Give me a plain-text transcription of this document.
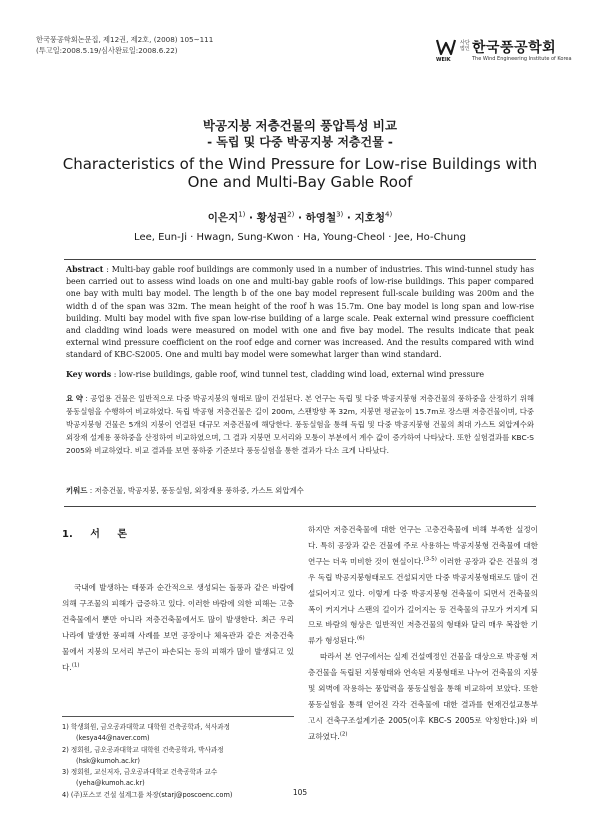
한국풍공학회논문집, 제12권, 제2호, (2008) 105~111
(투고일:2008.5.19/심사완료일:2008.6.22)
WEIK
사단법인 한국풍공학회
The Wind Engineering Institute of Korea
박공지붕 저층건물의 풍압특성 비교
- 독립 및 다중 박공지붕 저층건물 -
Characteristics of the Wind Pressure for Low-rise Buildings with
One and Multi-Bay Gable Roof
이은지$^{1)}$ · 황성권$^{2)}$ · 하영철$^{3)}$ · 지호청$^{4)}$
Lee, Eun-Ji · Hwagn, Sung-Kwon · Ha, Young-Cheol · Jee, Ho-Chung
Abstract : Multi-bay gable roof buildings are commonly used in a number of industries. This wind-tunnel study has been carried out to assess wind loads on one and multi-bay gable roofs of low-rise buildings. This paper compared one bay with multi bay model. The length b of the one bay model represent full-scale building was 200m and the width d of the span was 32m. The mean height of the roof h was 15.7m. One bay model is long span and low-rise building. Multi bay model with five span low-rise building of a large scale. Peak external wind pressure coefficient and cladding wind loads were measured on model with one and five bay model. The results indicate that peak external wind pressure coefficient on the roof edge and corner was increased. And the results compared with wind standard of KBC-S2005. One and multi bay model were somewhat larger than wind standard.
Key words : low-rise buildings, gable roof, wind tunnel test, cladding wind load, external wind pressure
요 약 : 공업용 건물은 일반적으로 다중 박공지붕의 형태로 많이 건설된다. 본 연구는 독립 및 다중 박공지붕형 저층건물의 풍하중을 산정하기 위해 풍동실험을 수행하여 비교하였다. 독립 박공형 저층건물은 길이 200m, 스팬방향 폭 32m, 지붕면 평균높이 15.7m로 장스팬 저층건물이며, 다중 박공지붕형 건물은 5개의 지붕이 연결된 대규모 저층건물에 해당한다. 풍동실험을 통해 독립 및 다중 박공지붕형 건물의 최대 가스트 외압계수와 외장재 설계용 풍하중을 산정하여 비교하였으며, 그 결과 지붕면 모서리와 모퉁이 부분에서 계수 값이 증가하여 나타났다. 또한 실험결과를 KBC-S 2005와 비교하였다. 비교 결과를 보면 풍하중 기준보다 풍동실험을 통한 결과가 다소 크게 나타났다.
키워드 : 저층건물, 박공지붕, 풍동실험, 외장재용 풍하중, 가스트 외압계수
1. 서 론
국내에 발생하는 태풍과 순간적으로 생성되는 돌풍과 같은 바람에 의해 구조물의 피해가 급증하고 있다. 이러한 바람에 의한 피해는 고층건축물에서 뿐만 아니라 저층건축물에서도 많이 발생한다. 최근 우리나라에 발생한 풍피해 사례를 보면 공장이나 체육관과 같은 저층건축물에서 지붕의 모서리 부근이 파손되는 등의 피해가 많이 발생되고 있다.$^{(1)}$
하지만 저층건축물에 대한 연구는 고층건축물에 비해 부족한 실정이다. 특히 공장과 같은 건물에 주로 사용하는 박공지붕형 건축물에 대한 연구는 더욱 미비한 것이 현실이다.$^{(3-5)}$ 이러한 공장과 같은 건물의 경우 독립 박공지붕형태로도 건설되지만 다중 박공지붕형태로도 많이 건설되어지고 있다. 이렇게 다중 박공지붕형 건축물이 되면서 건축물의 폭이 커지거나 스팬의 길이가 길어지는 등 건축물의 규모가 커지게 되므로 바람의 형상은 일반적인 저층건물의 형태와 달리 매우 복잡한 기류가 형성된다.$^{(6)}$
따라서 본 연구에서는 실제 건설예정인 건물을 대상으로 박공형 저층건물을 독립된 지붕형태와 연속된 지붕형태로 나누어 건축물의 지붕 및 외벽에 작용하는 풍압력을 풍동실험을 통해 비교하여 보았다. 또한 풍동실험을 통해 얻어진 각각 건축물에 대한 결과를 현재건설교통부 고시 건축구조설계기준 2005(이후 KBC-S 2005로 약칭한다.)와 비교하였다.$^{(2)}$
1) 학생회원, 금오공과대학교 대학원 건축공학과, 석사과정
(kesya44@naver.com)
2) 정회원, 금오공과대학교 대학원 건축공학과, 박사과정
(hsk@kumoh.ac.kr)
3) 정회원, 교신저자, 금오공과대학교 건축공학과 교수
(yeha@kumoh.ac.kr)
4) (주)포스코 건설 설계그룹 차장(starj@poscoenc.com)	105
